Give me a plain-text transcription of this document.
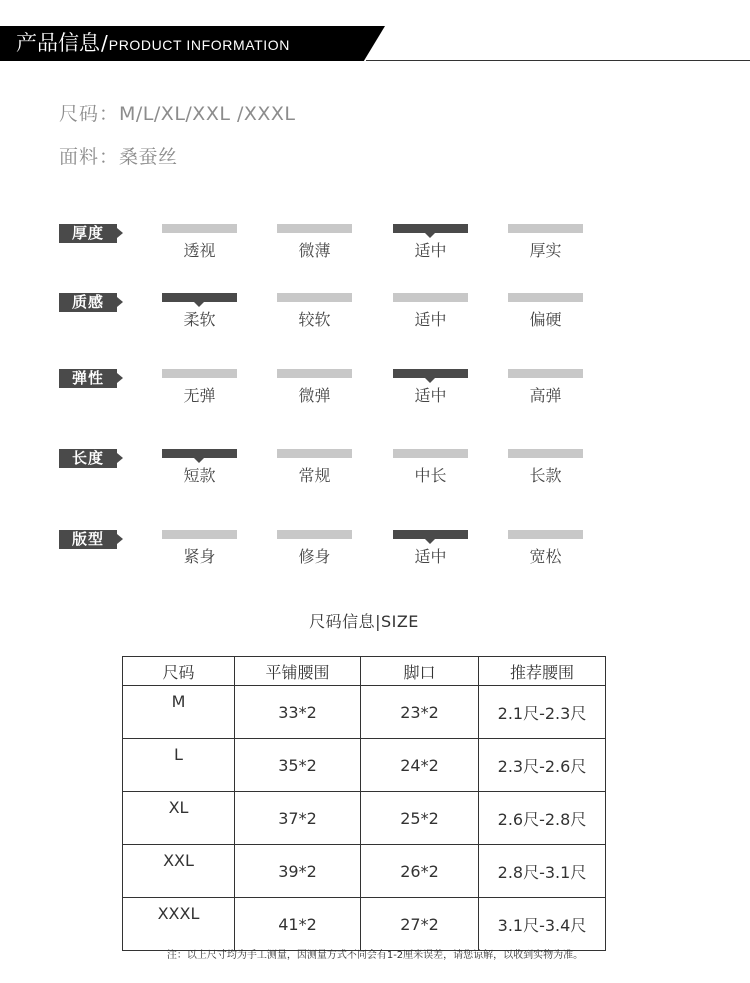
产品信息/PRODUCT INFORMATION
尺码：M/L/XL/XXL /XXXL
面料：桑蚕丝
厚度
透视	微薄	适中	厚实
质感
柔软	较软	适中	偏硬
弹性
无弹	微弹	适中	高弹
长度
短款	常规	中长	长款
版型
紧身	修身	适中	宽松
尺码信息|SIZE
尺码	平铺腰围	脚口	推荐腰围
M	33*2	23*2	2.1尺-2.3尺
L	35*2	24*2	2.3尺-2.6尺
XL	37*2	25*2	2.6尺-2.8尺
XXL	39*2	26*2	2.8尺-3.1尺
XXXL	41*2	27*2	3.1尺-3.4尺
注：以上尺寸均为手工测量，因测量方式不同会有1-2厘米误差，请您谅解，以收到实物为准。
